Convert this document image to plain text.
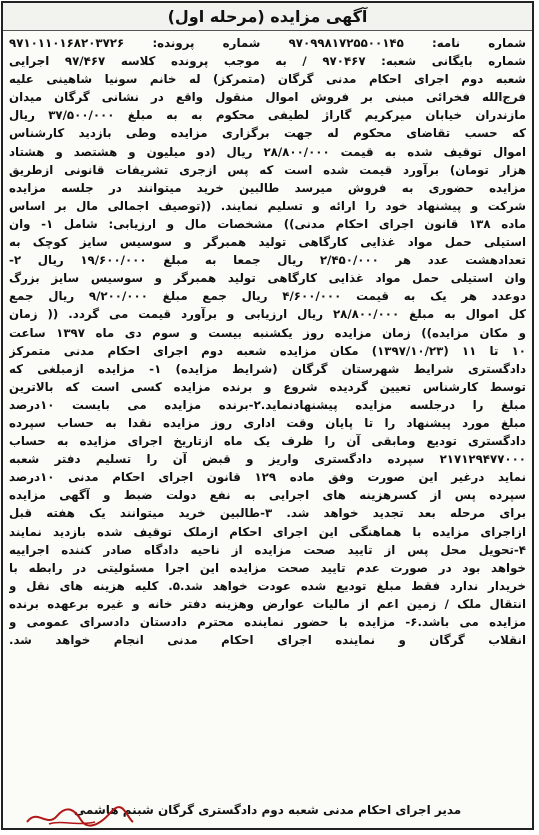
آگهی مزایده (مرحله اول)
شماره نامه: ۹۷۰۹۹۸۱۷۲۵۵۰۰۱۴۵ شماره پرونده: ۹۷۱۰۱۱۰۱۶۸۲۰۳۷۲۶
شماره بایگانی شعبه: ۹۷۰۴۶۷ / به موجب پرونده کلاسه ۹۷/۴۶۷ اجرایی
شعبه دوم اجرای احکام مدنی گرگان (متمرکز) له خانم سونیا شاهینی علیه
فرج‌الله فخرائی مبنی بر فروش اموال منقول واقع در نشانی گرگان میدان
مازندران خیابان میرکریم گاراژ لطیفی محکوم به به مبلغ ۳۷/۵۰۰/۰۰۰ ریال
که حسب تقاضای محکوم له جهت برگزاری مزایده وطی بازدید کارشناس
اموال توقیف شده به قیمت ۲۸/۸۰۰/۰۰۰ ریال (دو میلیون و هشتصد و هشتاد
هزار تومان) برآورد قیمت شده است که پس ازجری تشریفات قانونی ازطریق
مزایده حضوری به فروش میرسد طالبین خرید میتوانند در جلسه مزایده
شرکت و پیشنهاد خود را ارائه و تسلیم نمایند. ((توصیف اجمالی مال بر اساس
ماده ۱۳۸ قانون اجرای احکام مدنی)) مشخصات مال و ارزیابی: شامل ۱- وان
استیلی حمل مواد غذایی کارگاهی تولید همبرگر و سوسیس سایز کوچک به
تعدادهشت عدد هر ۲/۴۵۰/۰۰۰ ریال جمعا به مبلغ ۱۹/۶۰۰/۰۰۰ ریال ۲-
وان استیلی حمل مواد غذایی کارگاهی تولید همبرگر و سوسیس سایز بزرگ
دوعدد هر یک به قیمت ۴/۶۰۰/۰۰۰ ریال جمع مبلغ ۹/۲۰۰/۰۰۰ ریال جمع
کل اموال به مبلغ ۲۸/۸۰۰/۰۰۰ ریال ارزیابی و برآورد قیمت می گردد. (( زمان
و مکان مزایده)) زمان مزایده روز یکشنبه بیست و سوم دی ماه ۱۳۹۷ ساعت
۱۰ تا ۱۱ (۱۳۹۷/۱۰/۲۳) مکان مزایده شعبه دوم اجرای احکام مدنی متمرکز
دادگستری شرایط شهرستان گرگان (شرایط مزایده) ۱- مزایده ازمبلغی که
توسط کارشناس تعیین گردیده شروع و برنده مزایده کسی است که بالاترین
مبلغ را درجلسه مزایده پیشنهادنماید.۲-برنده مزایده می بایست ۱۰درصد
مبلغ مورد پیشنهاد را تا پایان وقت اداری روز مزایده نقدا به حساب سپرده
دادگستری تودیع ومابقی آن را ظرف یک ماه ازتاریخ اجرای مزایده به حساب
۲۱۷۱۲۹۴۷۷۰۰۰ سپرده دادگستری واریز و قبض آن را تسلیم دفتر شعبه
نماید درغیر این صورت وفق ماده ۱۲۹ قانون اجرای احکام مدنی ۱۰درصد
سپرده پس از کسرهزینه های اجرایی به نفع دولت ضبط و آگهی مزایده
برای مرحله بعد تجدید خواهد شد. ۳-طالبین خرید میتوانند یک هفته قبل
ازاجرای مزایده با هماهنگی این اجرای احکام ازملک توقیف شده بازدید نمایند
۴-تحویل محل پس از تایید صحت مزایده از ناحیه دادگاه صادر کننده اجراییه
خواهد بود در صورت عدم تایید صحت مزایده این اجرا مسئولیتی در رابطه با
خریدار ندارد فقط مبلغ تودیع شده عودت خواهد شد.۵. کلیه هزینه های نقل و
انتقال ملک / زمین اعم از مالیات عوارض وهزینه دفتر خانه و غیره برعهده برنده
مزایده می باشد.۶- مزایده با حضور نماینده محترم دادستان دادسرای عمومی و
انقلاب گرگان و نماینده اجرای احکام مدنی انجام خواهد شد.
مدیر اجرای احکام مدنی شعبه دوم دادگستری گرگان شبنم هاشمی
